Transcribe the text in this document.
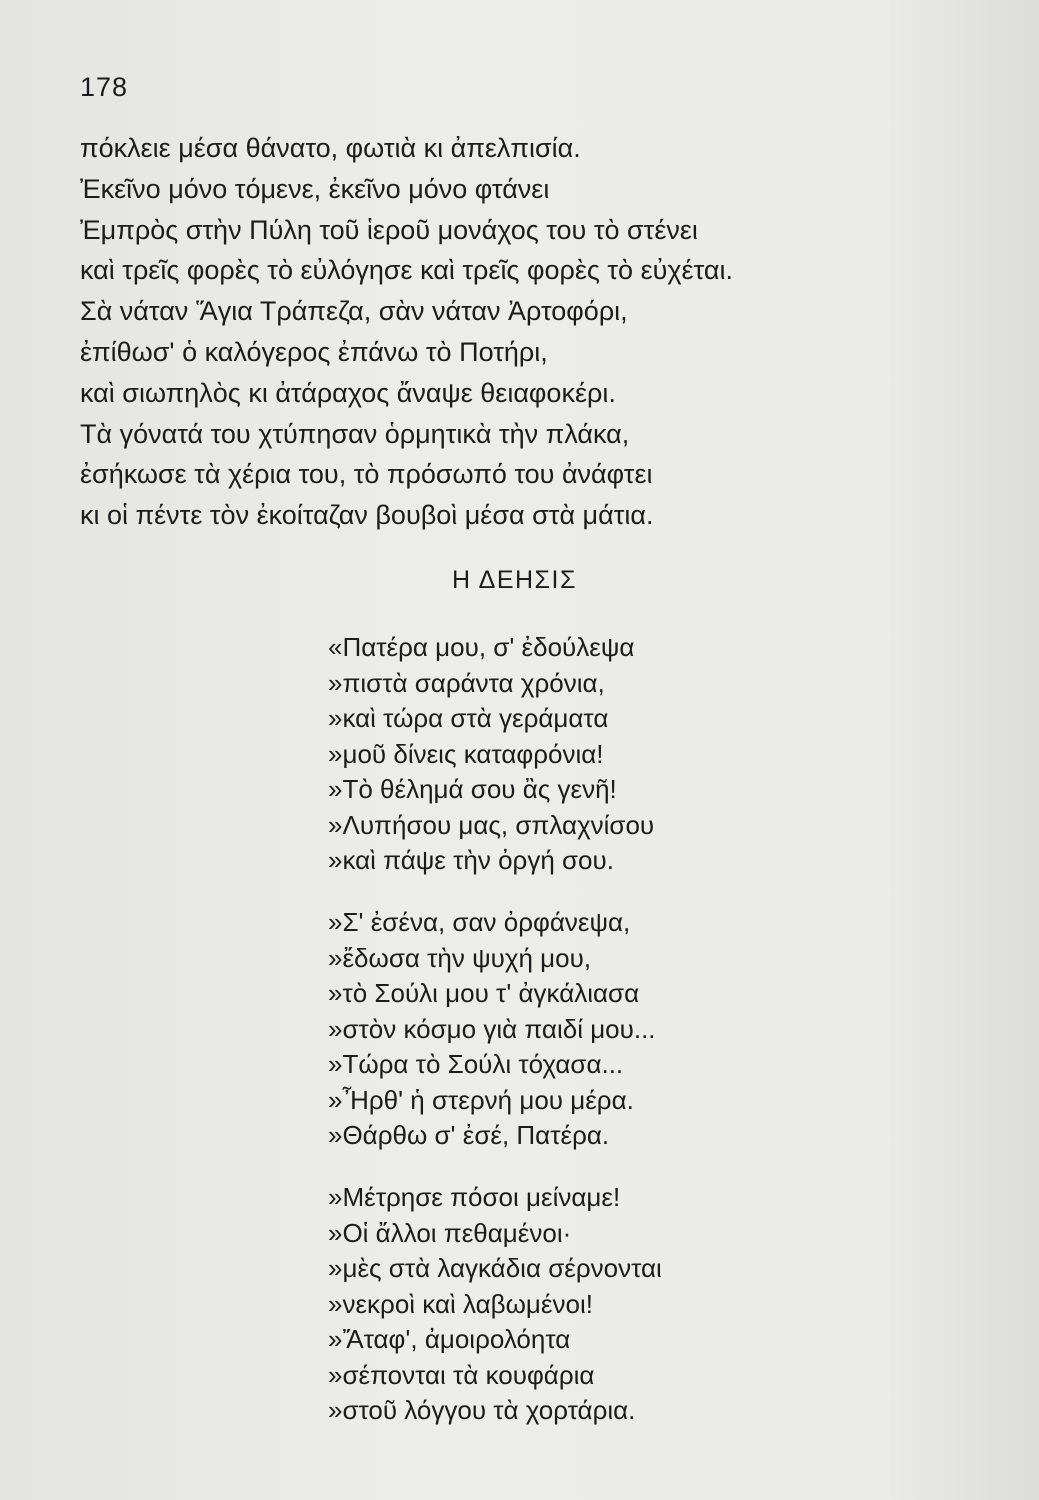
178
πόκλειε μέσα θάνατο, φωτιὰ κι ἀπελπισία.
Ἐκεῖνο μόνο τόμενε, ἐκεῖνο μόνο φτάνει
Ἐμπρὸς στὴν Πύλη τοῦ ἱεροῦ μονάχος του τὸ στένει
καὶ τρεῖς φορὲς τὸ εὐλόγησε καὶ τρεῖς φορὲς τὸ εὐχέται.
Σὰ νάταν Ἅγια Τράπεζα, σὰν νάταν Ἀρτοφόρι,
ἐπίθωσ' ὁ καλόγερος ἐπάνω τὸ Ποτήρι,
καὶ σιωπηλὸς κι ἀτάραχος ἄναψε θειαφοκέρι.
Τὰ γόνατά του χτύπησαν ὁρμητικὰ τὴν πλάκα,
ἐσήκωσε τὰ χέρια του, τὸ πρόσωπό του ἀνάφτει
κι οἱ πέντε τὸν ἐκοίταζαν βουβοὶ μέσα στὰ μάτια.
Η ΔΕΗΣΙΣ
«Πατέρα μου, σ' ἐδούλεψα
»πιστὰ σαράντα χρόνια,
»καὶ τώρα στὰ γεράματα
»μοῦ δίνεις καταφρόνια!
»Τὸ θέλημά σου ἂς γενῆ!
»Λυπήσου μας, σπλαχνίσου
»καὶ πάψε τὴν ὀργή σου.
»Σ' ἐσένα, σαν ὀρφάνεψα,
»ἔδωσα τὴν ψυχή μου,
»τὸ Σούλι μου τ' ἀγκάλιασα
»στὸν κόσμο γιὰ παιδί μου...
»Τώρα τὸ Σούλι τόχασα...
»Ἦρθ' ἡ στερνή μου μέρα.
»Θάρθω σ' ἐσέ, Πατέρα.
»Μέτρησε πόσοι μείναμε!
»Οἱ ἄλλοι πεθαμένοι·
»μὲς στὰ λαγκάδια σέρνονται
»νεκροὶ καὶ λαβωμένοι!
»Ἄταφ', ἀμοιρολόητα
»σέπονται τὰ κουφάρια
»στοῦ λόγγου τὰ χορτάρια.
